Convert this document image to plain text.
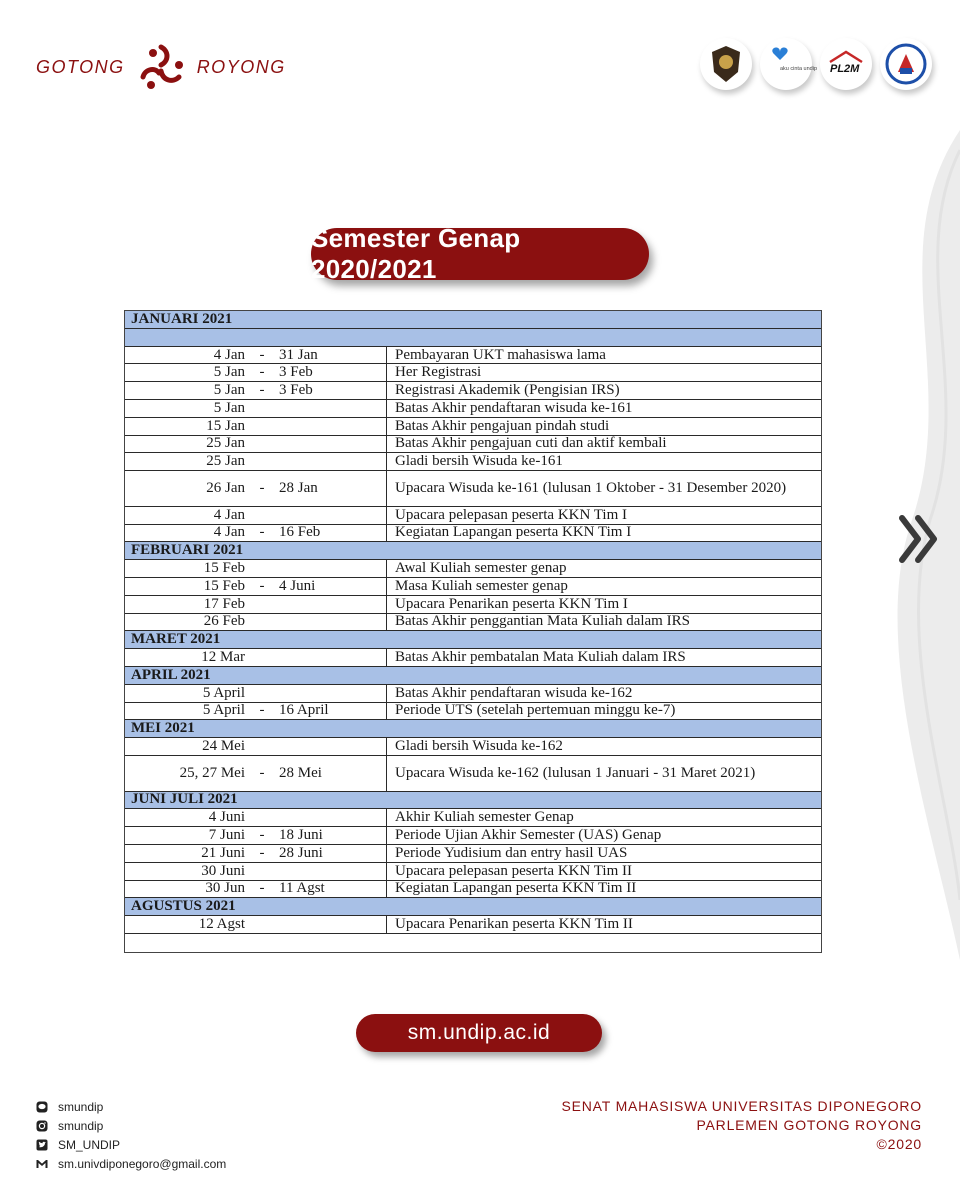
GOTONG	ROYONG	aku cinta undip PL2M
Semester Genap 2020/2021
JANUARI 2021
4 Jan - 31 Jan	Pembayaran UKT mahasiswa lama
5 Jan - 3 Feb	Her Registrasi
5 Jan - 3 Feb	Registrasi Akademik (Pengisian IRS)
5 Jan	Batas Akhir pendaftaran wisuda ke-161
15 Jan	Batas Akhir pengajuan pindah studi
25 Jan	Batas Akhir pengajuan cuti dan aktif kembali
25 Jan	Gladi bersih Wisuda ke-161
26 Jan - 28 Jan	Upacara Wisuda ke-161 (lulusan 1 Oktober - 31 Desember 2020)
4 Jan	Upacara pelepasan peserta KKN Tim I
4 Jan - 16 Feb	Kegiatan Lapangan peserta KKN Tim I
FEBRUARI 2021
15 Feb	Awal Kuliah semester genap
15 Feb - 4 Juni	Masa Kuliah semester genap
17 Feb	Upacara Penarikan peserta KKN Tim I
26 Feb	Batas Akhir penggantian Mata Kuliah dalam IRS
MARET 2021
12 Mar	Batas Akhir pembatalan Mata Kuliah dalam IRS
APRIL 2021
5 April	Batas Akhir pendaftaran wisuda ke-162
5 April - 16 April	Periode UTS (setelah pertemuan minggu ke-7)
MEI 2021
24 Mei	Gladi bersih Wisuda ke-162
25, 27 Mei - 28 Mei	Upacara Wisuda ke-162 (lulusan 1 Januari - 31 Maret 2021)
JUNI JULI 2021
4 Juni	Akhir Kuliah semester Genap
7 Juni - 18 Juni	Periode Ujian Akhir Semester (UAS) Genap
21 Juni - 28 Juni	Periode Yudisium dan entry hasil UAS
30 Juni	Upacara pelepasan peserta KKN Tim II
30 Jun - 11 Agst	Kegiatan Lapangan peserta KKN Tim II
AGUSTUS 2021
12 Agst	Upacara Penarikan peserta KKN Tim II
sm.undip.ac.id
smundip
smundip
SM_UNDIP
sm.univdiponegoro@gmail.com
SENAT MAHASISWA UNIVERSITAS DIPONEGORO
PARLEMEN GOTONG ROYONG
©2020
